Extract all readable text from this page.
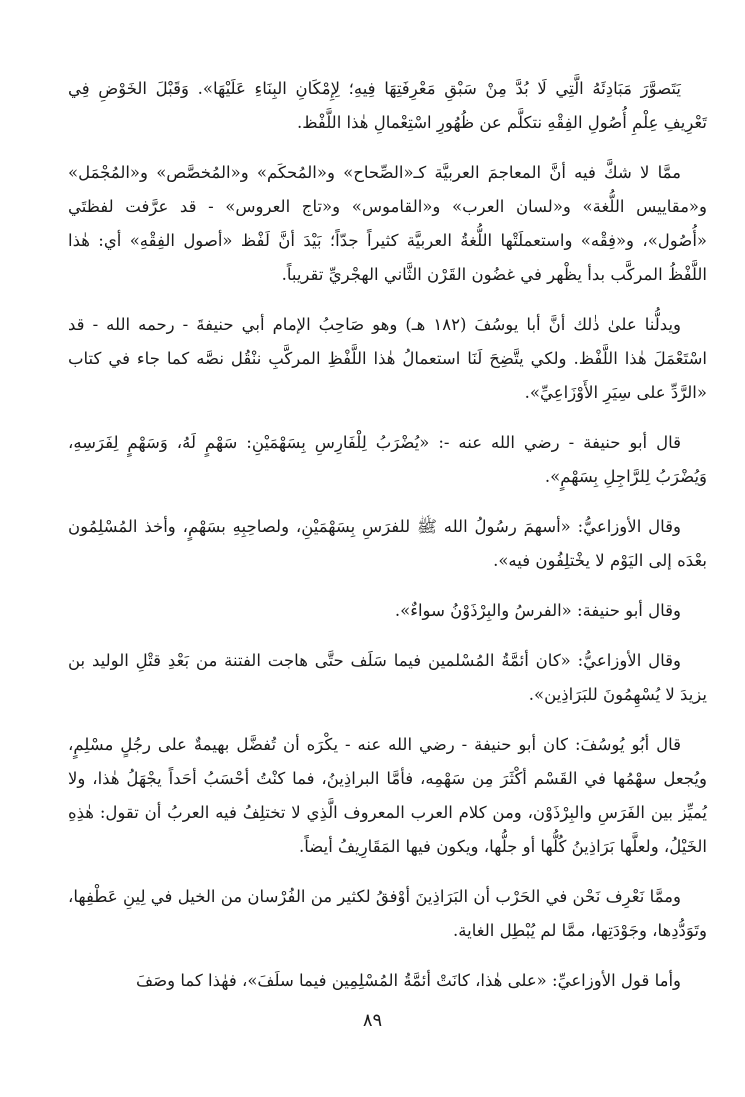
يَتَصوَّرَ مَبَادِئَهُ الَّتِي لَا بُدَّ مِنْ سَبْقِ مَعْرِفَتِهَا فِيهِ؛ لِإِمْكَانِ البِنَاءِ عَلَيْهَا». وَقَبْلَ الخَوْضِ فِي تَعْرِيفِ عِلْمِ أُصُولِ الفِقْهِ نتكلَّم عن ظُهُورِ اسْتِعْمالِ هٰذا اللَّفْظ.

ممَّا لا شكَّ فيه أنَّ المعاجمَ العربيَّة كـ«الصِّحاح» و«المُحكَم» و«المُخصَّص» و«المُجْمَل» و«مقاييس اللُّغة» و«لسان العرب» و«القاموس» و«تاج العروس» - قد عرَّفت لفظتَي «أُصُول»، و«فِقْه» واستعملَتْها اللُّغةُ العربيَّة كثيراً جدّاً؛ بَيْدَ أنَّ لَفْظ «أصول الفِقْهِ» أي: هٰذا اللَّفْظُ المركَّب بدأ يظْهر في غضُون القَرْن الثَّاني الهجْريِّ تقريباً.

ويدلُّنا علىٰ ذٰلك أنَّ أبا يوسُفَ (١٨٢ هـ) وهو صَاحِبُ الإمام أبي حنيفةَ - رحمه الله - قد اسْتَعْمَلَ هٰذا اللَّفْظ. ولكي يتَّضِحَ لَنَا استعمالُ هٰذا اللَّفْظِ المركَّبِ ننْقُل نصَّه كما جاء في كتاب «الرَّدِّ على سِيَرِ الأَوْزَاعِيِّ».

قال أبو حنيفة - رضي الله عنه -: «يُضْرَبُ لِلْفَارِسِ بِسَهْمَيْنِ: سَهْمٍ لَهُ، وَسَهْمٍ لِفَرَسِهِ، وَيُضْرَبُ لِلرَّاجِلِ بِسَهْمٍ».

وقال الأوزاعيُّ: «أسهمَ رسُولُ الله ﷺ للفرَسِ بِسَهْمَيْنِ، ولصاحِبِهِ بسَهْمٍ، وأخذ المُسْلِمُون بعْدَه إلى اليَوْم لا يخْتلِفُون فيه».

وقال أبو حنيفة: «الفرسُ والبِرْذَوْنُ سواءٌ».

وقال الأوزاعيُّ: «كان أئمَّةُ المُسْلمين فيما سَلَف حتَّى هاجت الفتنة من بَعْدِ قتْلِ الوليد بن يزيدَ لا يُسْهِمُونَ للبَرَاذِين».

قال أبُو يُوسُفَ: كان أبو حنيفة - رضي الله عنه - يكْرَه أن تُفضَّل بهيمةٌ على رجُلٍ مسْلِمٍ، ويُجعل سهْمُها في القَسْم أكْثَرَ مِن سَهْمِه، فأمَّا البراذِينُ، فما كنْتُ أحْسَبُ أحَداً يجْهَلُ هٰذا، ولا يُميِّز بين الفَرَسِ والبِرْذَوْن، ومن كلام العرب المعروف الَّذِي لا تختلِفُ فيه العربُ أن تقول: هٰذِهِ الخَيْلُ، ولعلَّها بَرَاذِينُ كُلُّها أو جلُّها، ويكون فيها المَقَارِيفُ أيضاً.

وممَّا نَعْرِف نَحْن في الحَرْب أن البَرَاذِينَ أوْفقُ لكثير من الفُرْسان من الخيل في لِينِ عَطْفِها، وتَوَدُّدِها، وجَوْدَتِها، ممَّا لم يُبْطِل الغاية.

وأما قول الأوزاعيِّ: «على هٰذا، كانَتْ أئمَّةُ المُسْلِمِين فيما سلَفَ»، فهٰذا كما وصَفَ

٨٩
